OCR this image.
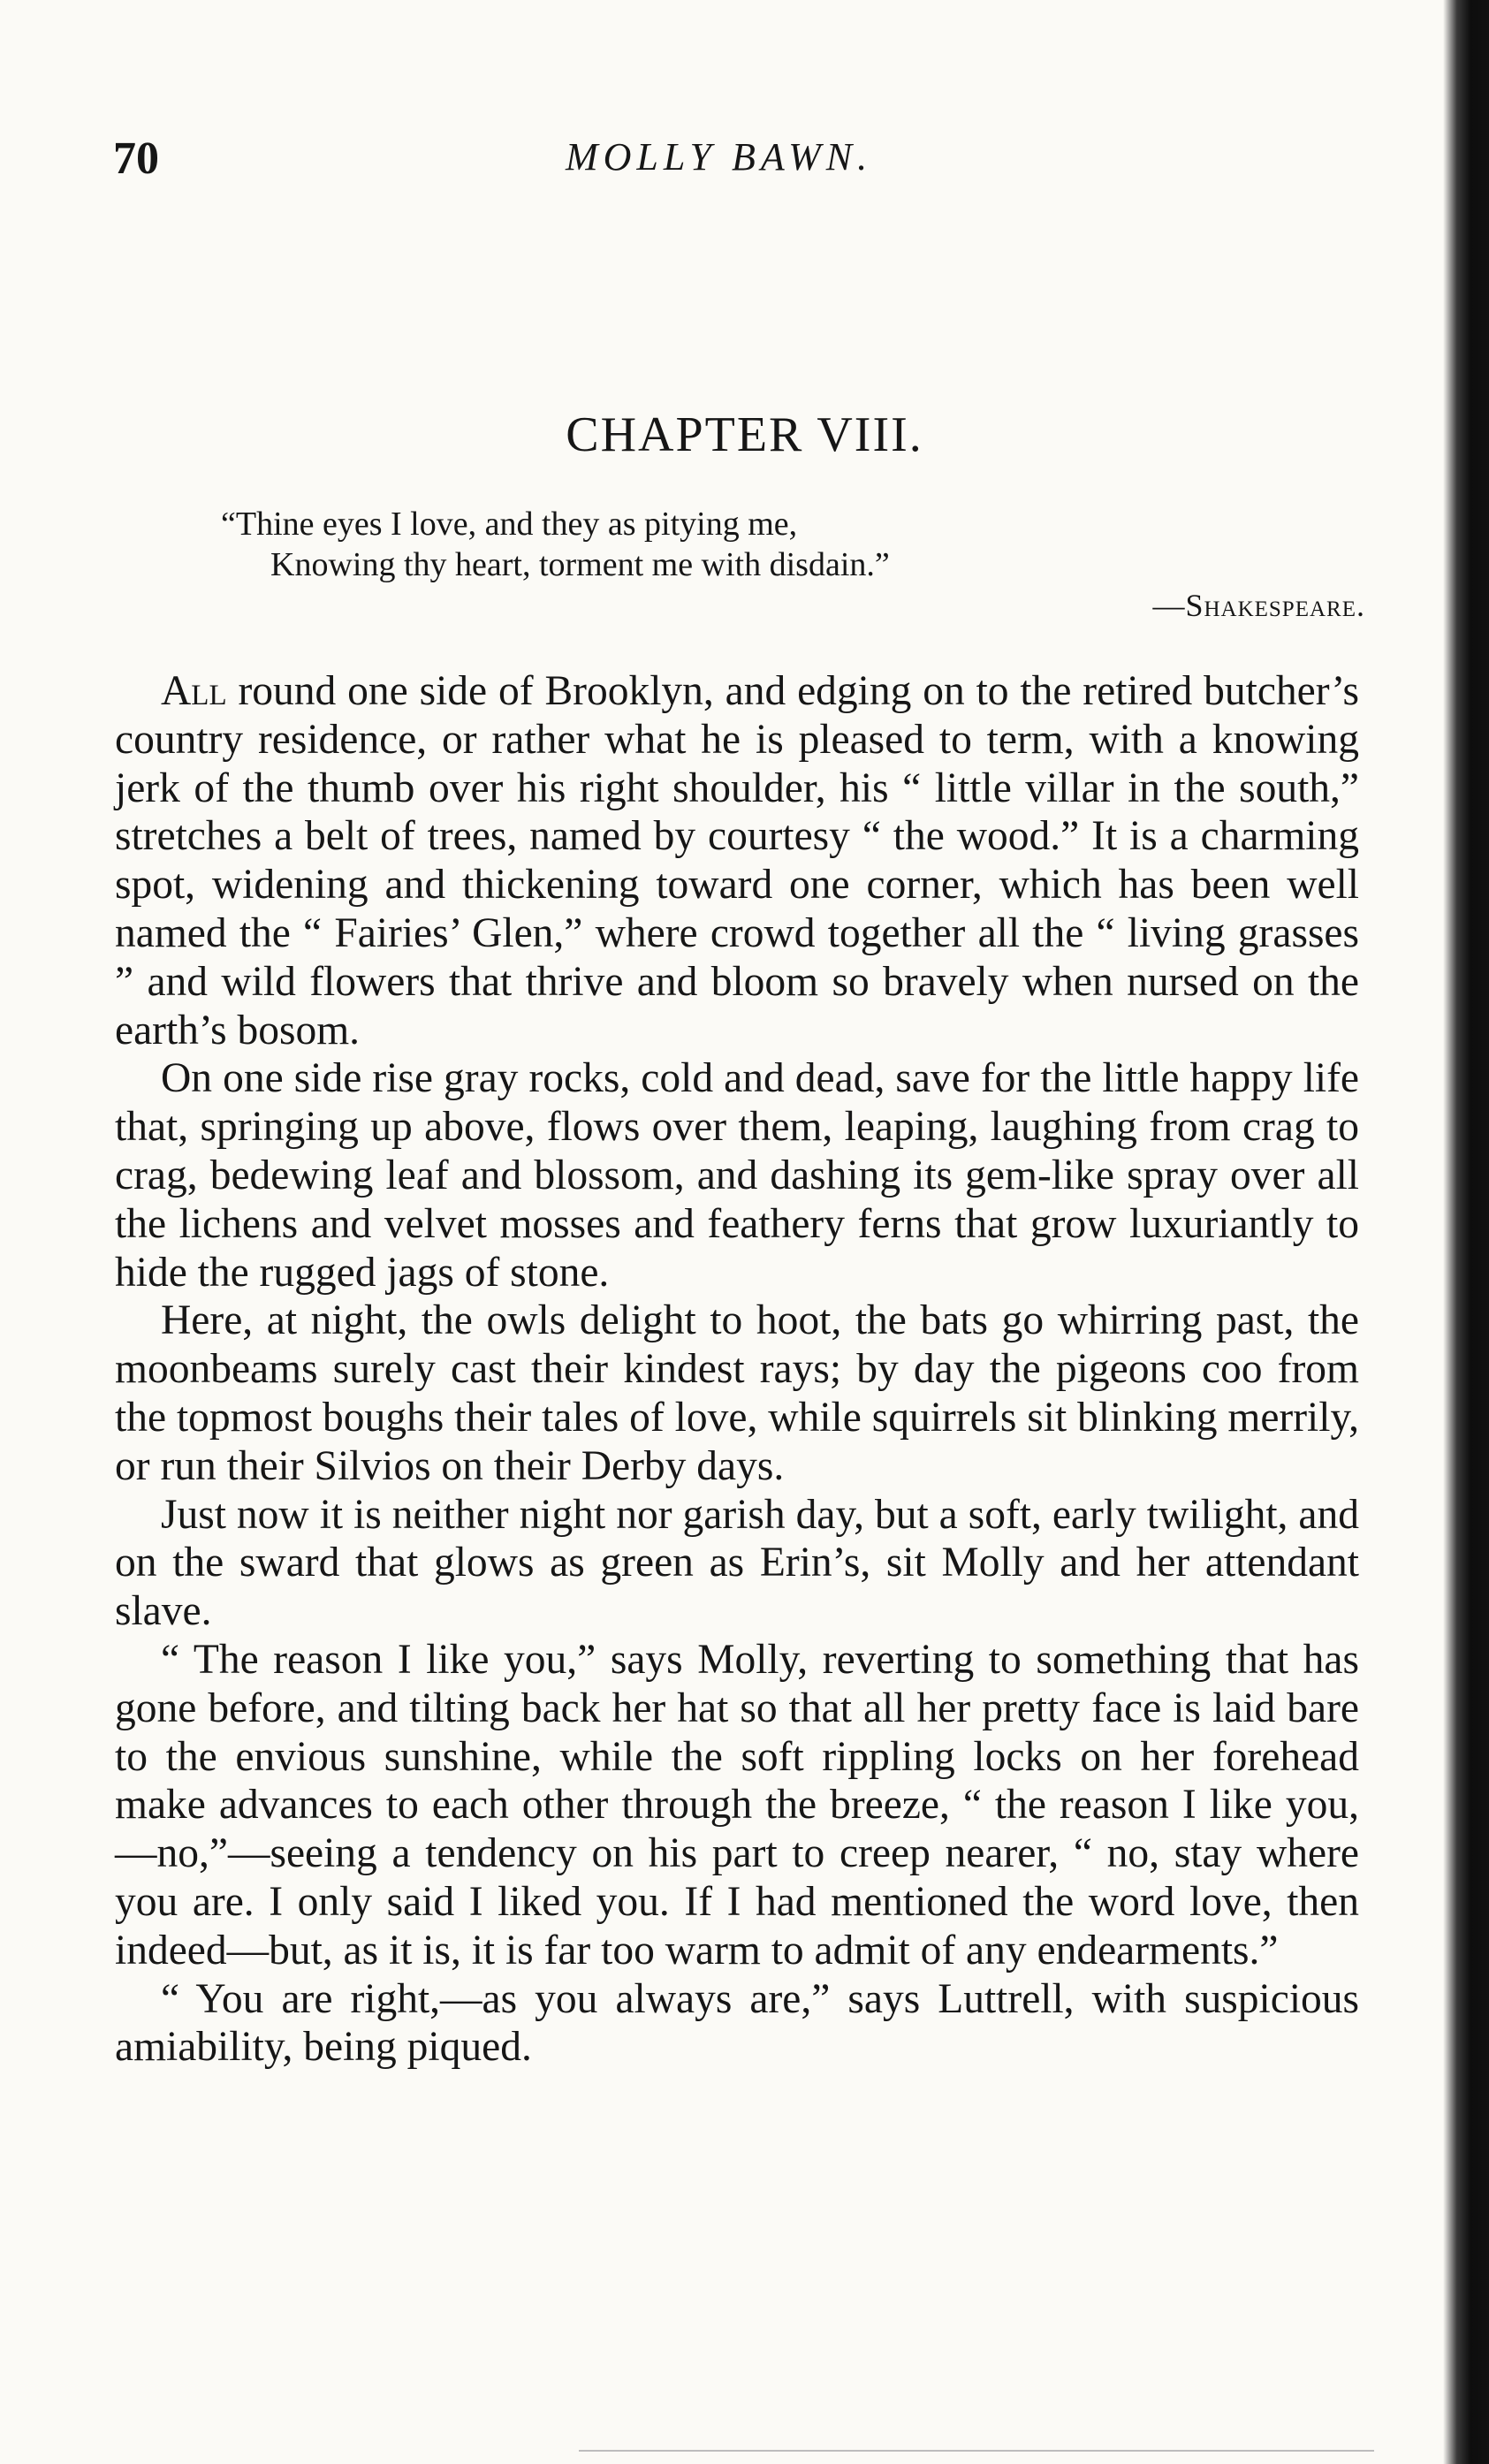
70	MOLLY BAWN.
CHAPTER VIII.
“Thine eyes I love, and they as pitying me,
Knowing thy heart, torment me with disdain.”
—Shakespeare.

All round one side of Brooklyn, and edging on to the retired butcher’s country residence, or rather what he is pleased to term, with a knowing jerk of the thumb over his right shoulder, his “ little villar in the south,” stretches a belt of trees, named by courtesy “ the wood.” It is a charming spot, widening and thickening toward one corner, which has been well named the “ Fairies’ Glen,” where crowd together all the “ living grasses ” and wild flowers that thrive and bloom so bravely when nursed on the earth’s bosom.

On one side rise gray rocks, cold and dead, save for the little happy life that, springing up above, flows over them, leaping, laughing from crag to crag, bedewing leaf and blossom, and dashing its gem-like spray over all the lichens and velvet mosses and feathery ferns that grow luxuriantly to hide the rugged jags of stone.

Here, at night, the owls delight to hoot, the bats go whirring past, the moonbeams surely cast their kindest rays; by day the pigeons coo from the topmost boughs their tales of love, while squirrels sit blinking merrily, or run their Silvios on their Derby days.

Just now it is neither night nor garish day, but a soft, early twilight, and on the sward that glows as green as Erin’s, sit Molly and her attendant slave.

“ The reason I like you,” says Molly, reverting to something that has gone before, and tilting back her hat so that all her pretty face is laid bare to the envious sunshine, while the soft rippling locks on her forehead make advances to each other through the breeze, “ the reason I like you,—no,”—seeing a tendency on his part to creep nearer, “ no, stay where you are. I only said I liked you. If I had mentioned the word love, then indeed—but, as it is, it is far too warm to admit of any endearments.”

“ You are right,—as you always are,” says Luttrell, with suspicious amiability, being piqued.
